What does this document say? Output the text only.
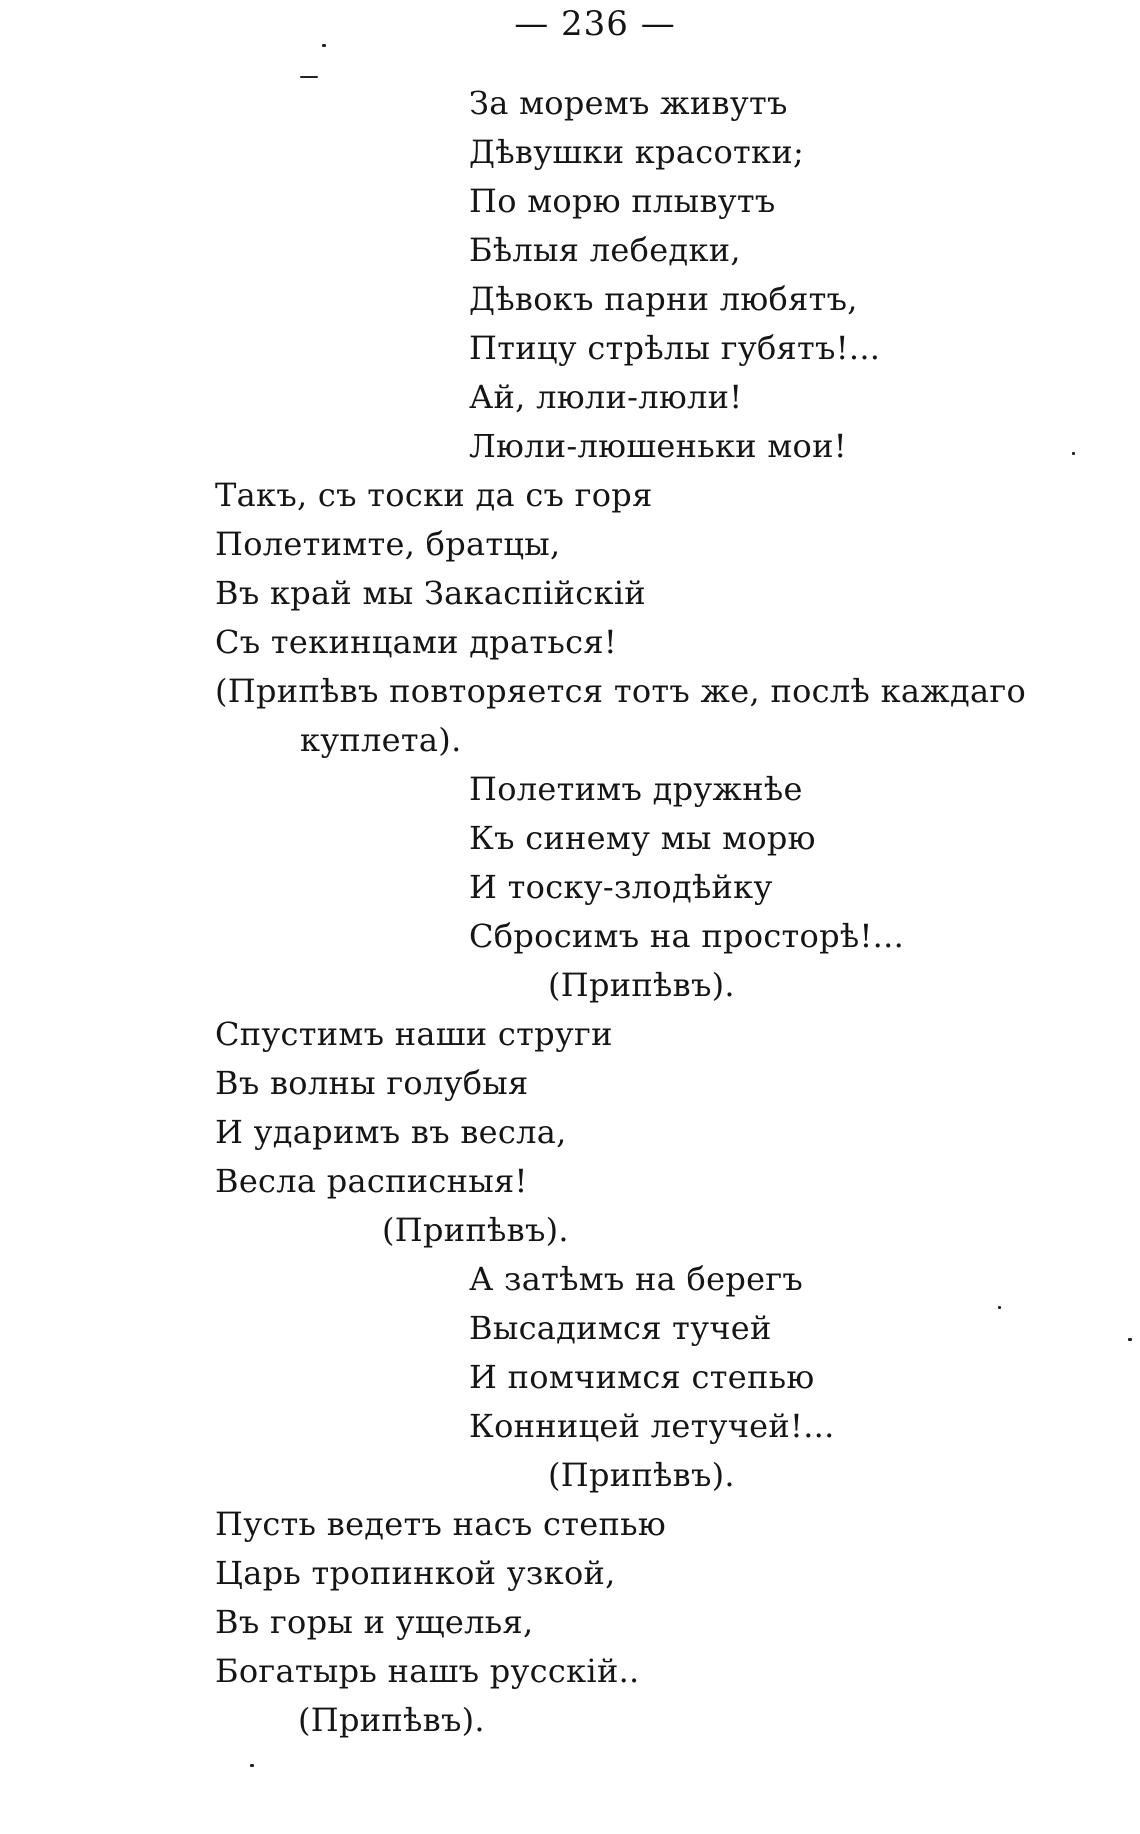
— 236 —
За моремъ живутъ
Дѣвушки красотки;
По морю плывутъ
Бѣлыя лебедки,
Дѣвокъ парни любятъ,
Птицу стрѣлы губятъ!...
Ай, люли-люли!
Люли-люшеньки мои!
Такъ, съ тоски да съ горя
Полетимте, братцы,
Въ край мы Закаспійскій
Съ текинцами драться!
(Припѣвъ повторяется тотъ же, послѣ каждаго
куплета).
Полетимъ дружнѣе
Къ синему мы морю
И тоску-злодѣйку
Сбросимъ на просторѣ!...
(Припѣвъ).
Спустимъ наши струги
Въ волны голубыя
И ударимъ въ весла,
Весла расписныя!
(Припѣвъ).
А затѣмъ на берегъ
Высадимся тучей
И помчимся степью
Конницей летучей!...
(Припѣвъ).
Пусть ведетъ насъ степью
Царь тропинкой узкой,
Въ горы и ущелья,
Богатырь нашъ русскій..
(Припѣвъ).
